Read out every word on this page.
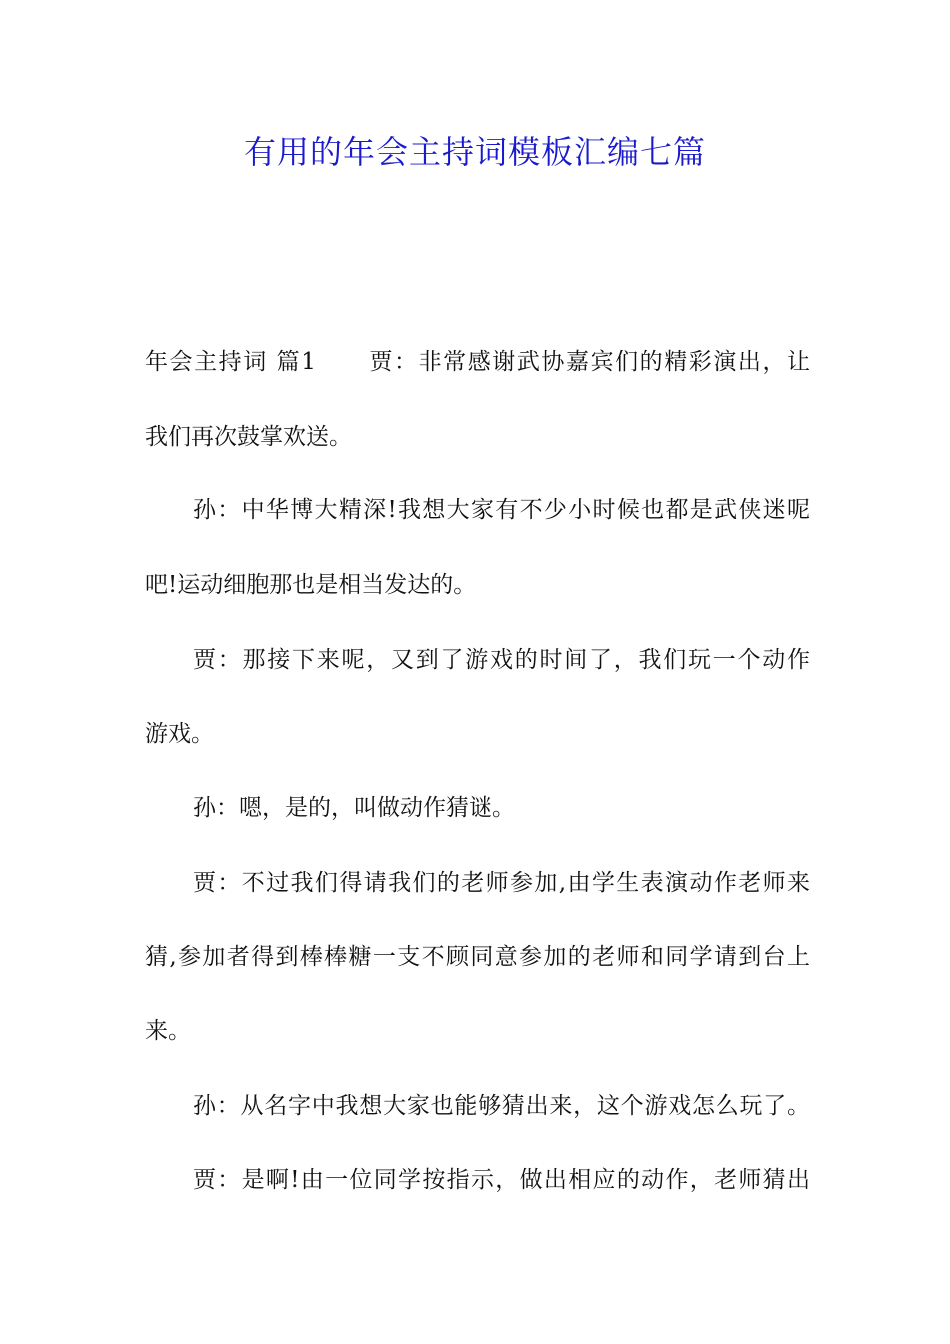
有用的年会主持词模板汇编七篇
年会主持词 篇1 贾：非常感谢武协嘉宾们的精彩演出，让
我们再次鼓掌欢送。
孙：中华博大精深!我想大家有不少小时候也都是武侠迷呢
吧!运动细胞那也是相当发达的。
贾：那接下来呢，又到了游戏的时间了，我们玩一个动作
游戏。
孙：嗯，是的，叫做动作猜谜。
贾：不过我们得请我们的老师参加,由学生表演动作老师来
猜,参加者得到棒棒糖一支不顾同意参加的老师和同学请到台上
来。
孙：从名字中我想大家也能够猜出来，这个游戏怎么玩了。
贾：是啊!由一位同学按指示，做出相应的动作，老师猜出
